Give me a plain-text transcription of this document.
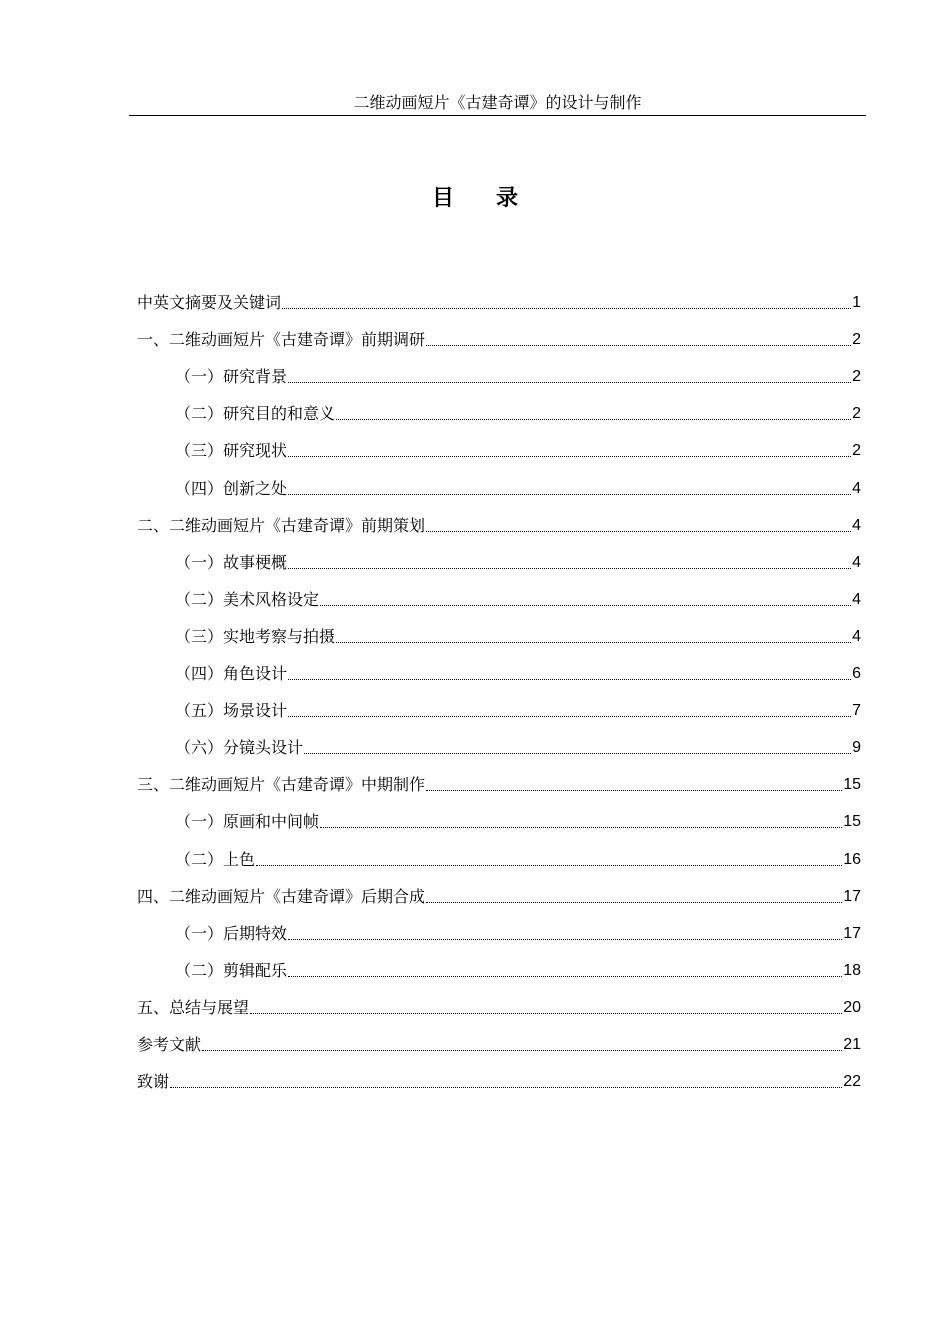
二维动画短片《古建奇谭》的设计与制作
目录
中英文摘要及关键词	1
一、二维动画短片《古建奇谭》前期调研	2
（一）研究背景	2
（二）研究目的和意义	2
（三）研究现状	2
（四）创新之处	4
二、二维动画短片《古建奇谭》前期策划	4
（一）故事梗概	4
（二）美术风格设定	4
（三）实地考察与拍摄	4
（四）角色设计	6
（五）场景设计	7
（六）分镜头设计	9
三、二维动画短片《古建奇谭》中期制作	15
（一）原画和中间帧	15
（二）上色	16
四、二维动画短片《古建奇谭》后期合成	17
（一）后期特效	17
（二）剪辑配乐	18
五、总结与展望	20
参考文献	21
致谢	22
